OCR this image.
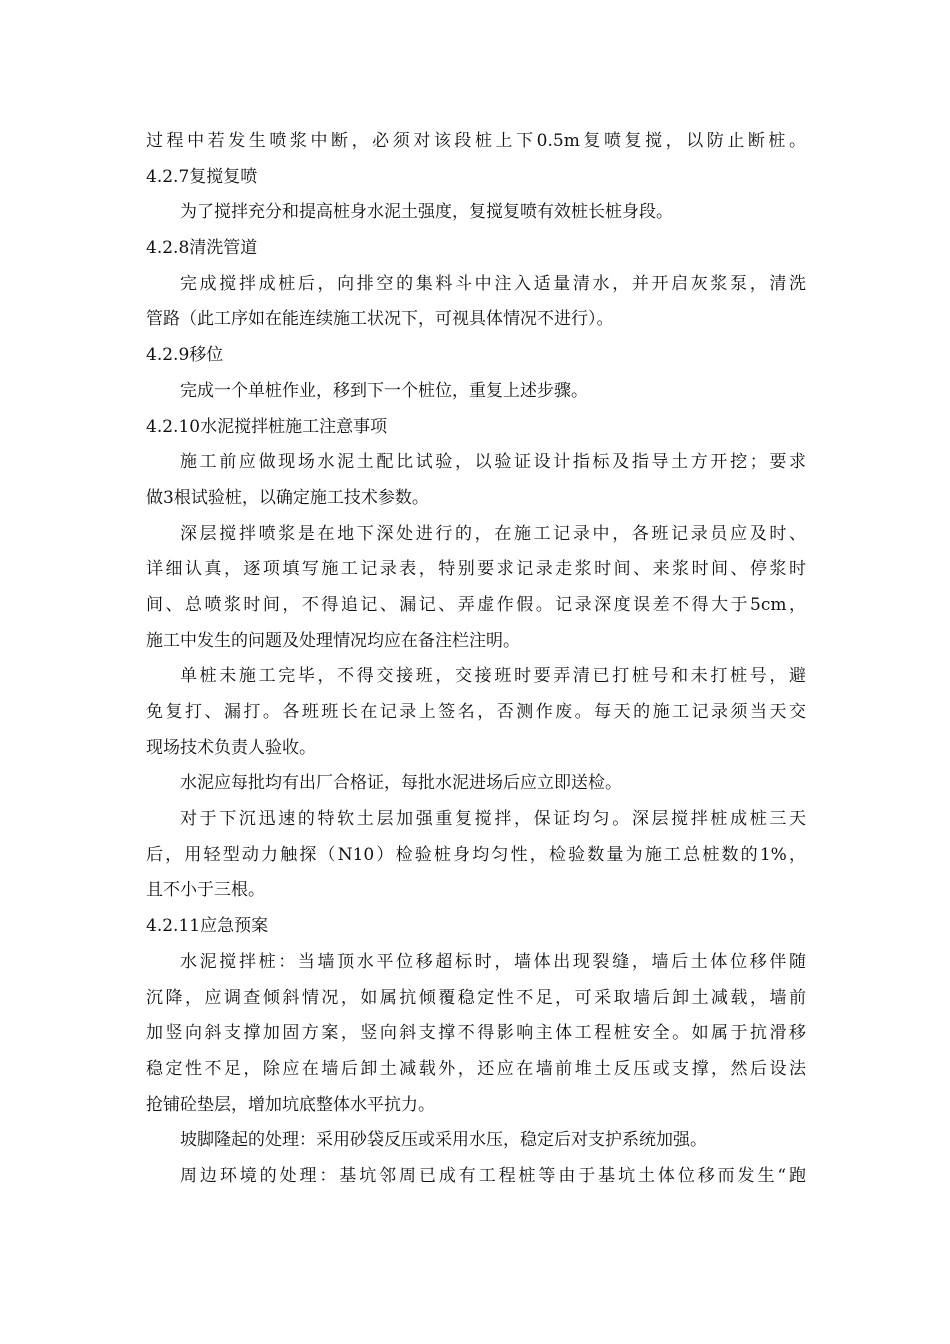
过程中若发生喷浆中断，必须对该段桩上下0.5m复喷复搅，以防止断桩。
4.2.7复搅复喷
为了搅拌充分和提高桩身水泥土强度，复搅复喷有效桩长桩身段。
4.2.8清洗管道
完成搅拌成桩后，向排空的集料斗中注入适量清水，并开启灰浆泵，清洗
管路（此工序如在能连续施工状况下，可视具体情况不进行）。
4.2.9移位
完成一个单桩作业，移到下一个桩位，重复上述步骤。
4.2.10水泥搅拌桩施工注意事项
施工前应做现场水泥土配比试验，以验证设计指标及指导土方开挖；要求
做3根试验桩，以确定施工技术参数。
深层搅拌喷浆是在地下深处进行的，在施工记录中，各班记录员应及时、
详细认真，逐项填写施工记录表，特别要求记录走浆时间、来浆时间、停浆时
间、总喷浆时间，不得追记、漏记、弄虚作假。记录深度误差不得大于5cm，
施工中发生的问题及处理情况均应在备注栏注明。
单桩未施工完毕，不得交接班，交接班时要弄清已打桩号和未打桩号，避
免复打、漏打。各班班长在记录上签名，否测作废。每天的施工记录须当天交
现场技术负责人验收。
水泥应每批均有出厂合格证，每批水泥进场后应立即送检。
对于下沉迅速的特软土层加强重复搅拌，保证均匀。深层搅拌桩成桩三天
后，用轻型动力触探（N10）检验桩身均匀性，检验数量为施工总桩数的1%，
且不小于三根。
4.2.11应急预案
水泥搅拌桩：当墙顶水平位移超标时，墙体出现裂缝，墙后土体位移伴随
沉降，应调查倾斜情况，如属抗倾覆稳定性不足，可采取墙后卸土减载，墙前
加竖向斜支撑加固方案，竖向斜支撑不得影响主体工程桩安全。如属于抗滑移
稳定性不足，除应在墙后卸土减载外，还应在墙前堆土反压或支撑，然后设法
抢铺砼垫层，增加坑底整体水平抗力。
坡脚隆起的处理：采用砂袋反压或采用水压，稳定后对支护系统加强。
周边环境的处理：基坑邻周已成有工程桩等由于基坑土体位移而发生“跑
